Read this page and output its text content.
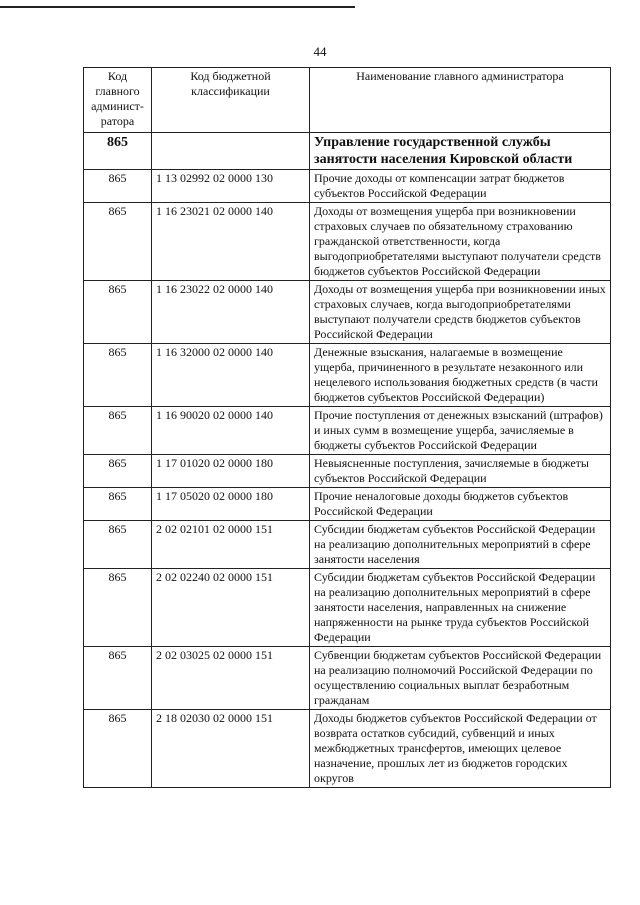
44
Код главного админист-ратора	Код бюджетной классификации	Наименование главного администратора
865		Управление государственной службы занятости населения Кировской области
865	1 13 02992 02 0000 130	Прочие доходы от компенсации затрат бюджетов субъектов Российской Федерации
865	1 16 23021 02 0000 140	Доходы от возмещения ущерба при возникновении страховых случаев по обязательному страхованию гражданской ответственности, когда выгодоприобретателями выступают получатели средств бюджетов субъектов Российской Федерации
865	1 16 23022 02 0000 140	Доходы от возмещения ущерба при возникновении иных страховых случаев, когда выгодоприобретателями выступают получатели средств бюджетов субъектов Российской Федерации
865	1 16 32000 02 0000 140	Денежные взыскания, налагаемые в возмещение ущерба, причиненного в результате незаконного или нецелевого использования бюджетных средств (в части бюджетов субъектов Российской Федерации)
865	1 16 90020 02 0000 140	Прочие поступления от денежных взысканий (штрафов) и иных сумм в возмещение ущерба, зачисляемые в бюджеты субъектов Российской Федерации
865	1 17 01020 02 0000 180	Невыясненные поступления, зачисляемые в бюджеты субъектов Российской Федерации
865	1 17 05020 02 0000 180	Прочие неналоговые доходы бюджетов субъектов Российской Федерации
865	2 02 02101 02 0000 151	Субсидии бюджетам субъектов Российской Федерации на реализацию дополнительных мероприятий в сфере занятости населения
865	2 02 02240 02 0000 151	Субсидии бюджетам субъектов Российской Федерации на реализацию дополнительных мероприятий в сфере занятости населения, направленных на снижение напряженности на рынке труда субъектов Российской Федерации
865	2 02 03025 02 0000 151	Субвенции бюджетам субъектов Российской Федерации на реализацию полномочий Российской Федерации по осуществлению социальных выплат безработным гражданам
865	2 18 02030 02 0000 151	Доходы бюджетов субъектов Российской Федерации от возврата остатков субсидий, субвенций и иных межбюджетных трансфертов, имеющих целевое назначение, прошлых лет из бюджетов городских округов
